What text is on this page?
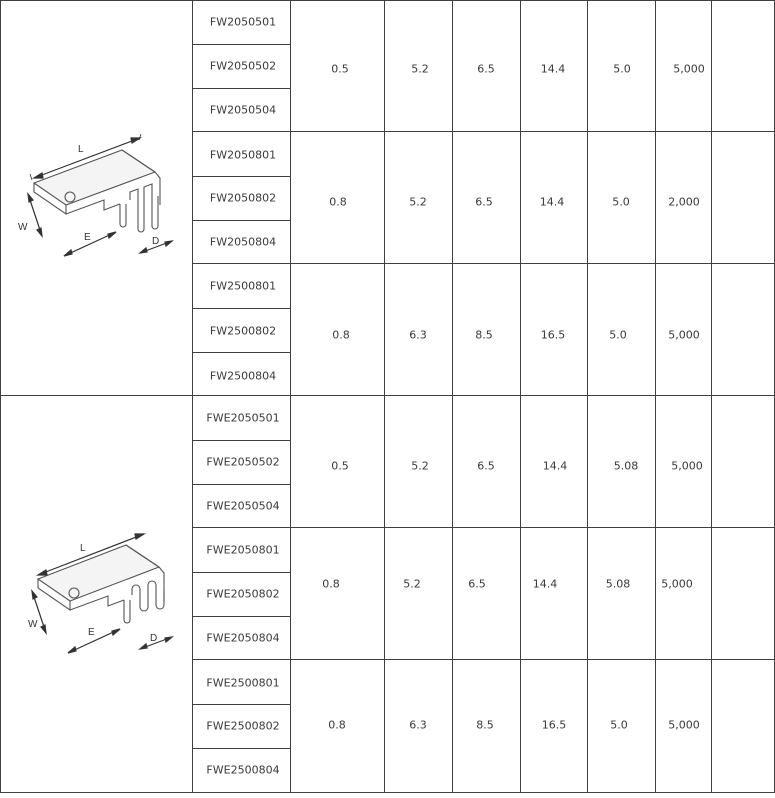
L
W
E	D
L
W
E
D
FW2050501
FW2050502
FW2050504
0.5	5.2	6.5	14.4	5.0	5,000
FW2050801
FW2050802
FW2050804
0.8	5.2	6.5	14.4	5.0	2,000
FW2500801
FW2500802
FW2500804
0.8	6.3	8.5	16.5	5.0	5,000
FWE2050501
FWE2050502
FWE2050504
0.5	5.2	6.5	14.4	5.08	5,000
FWE2050801
FWE2050802
FWE2050804
0.8	5.2	6.5	14.4	5.08	5,000
FWE2500801
FWE2500802
FWE2500804
0.8	6.3	8.5	16.5	5.0	5,000
